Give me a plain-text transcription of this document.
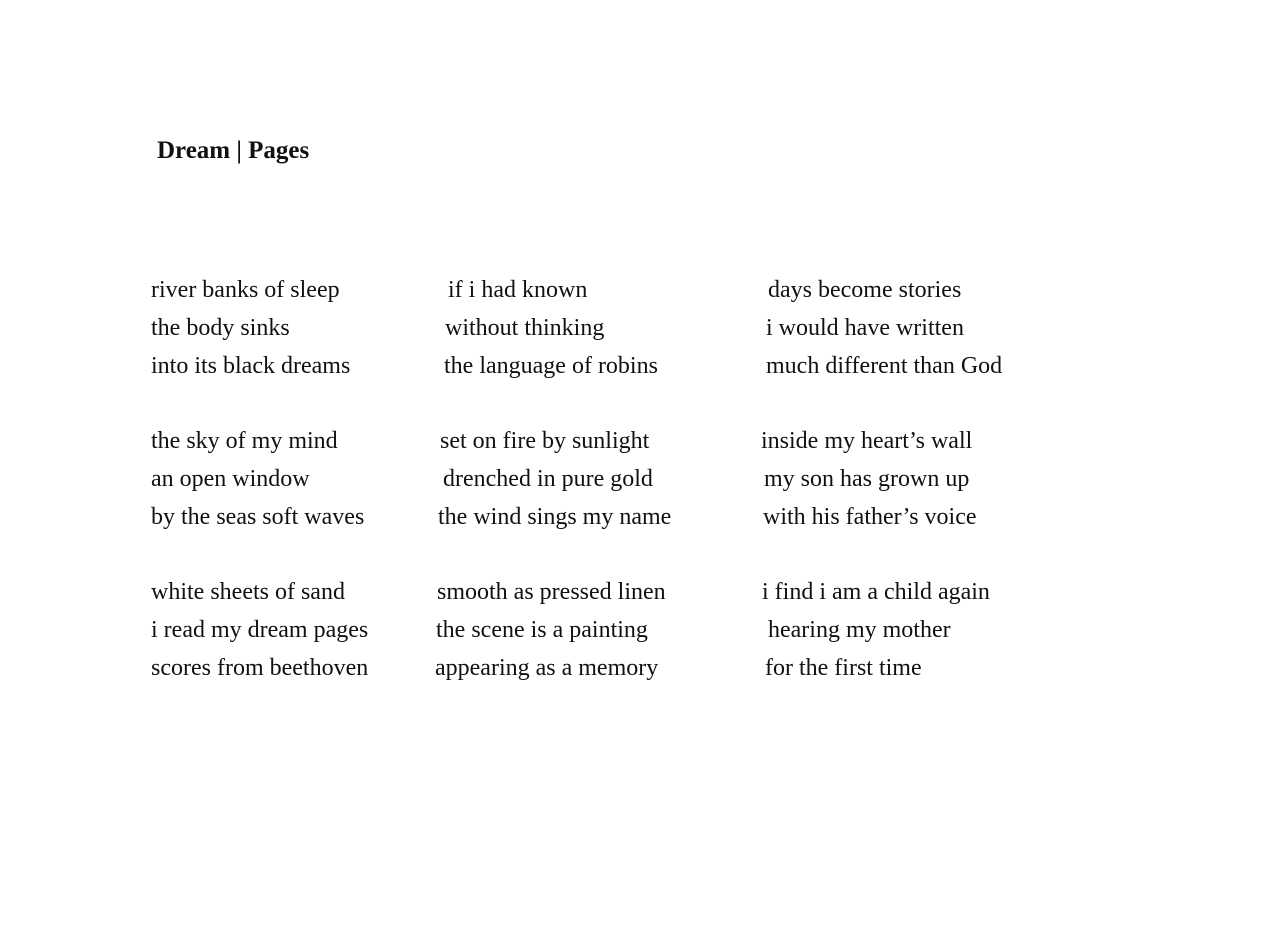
Dream | Pages
river banks of sleep
the body sinks
into its black dreams
if i had known
without thinking
the language of robins
days become stories
i would have written
much different than God
the sky of my mind
an open window
by the seas soft waves
set on fire by sunlight
drenched in pure gold
the wind sings my name
inside my heart’s wall
my son has grown up
with his father’s voice
white sheets of sand
i read my dream pages
scores from beethoven
smooth as pressed linen
the scene is a painting
appearing as a memory
i find i am a child again
hearing my mother
for the first time
